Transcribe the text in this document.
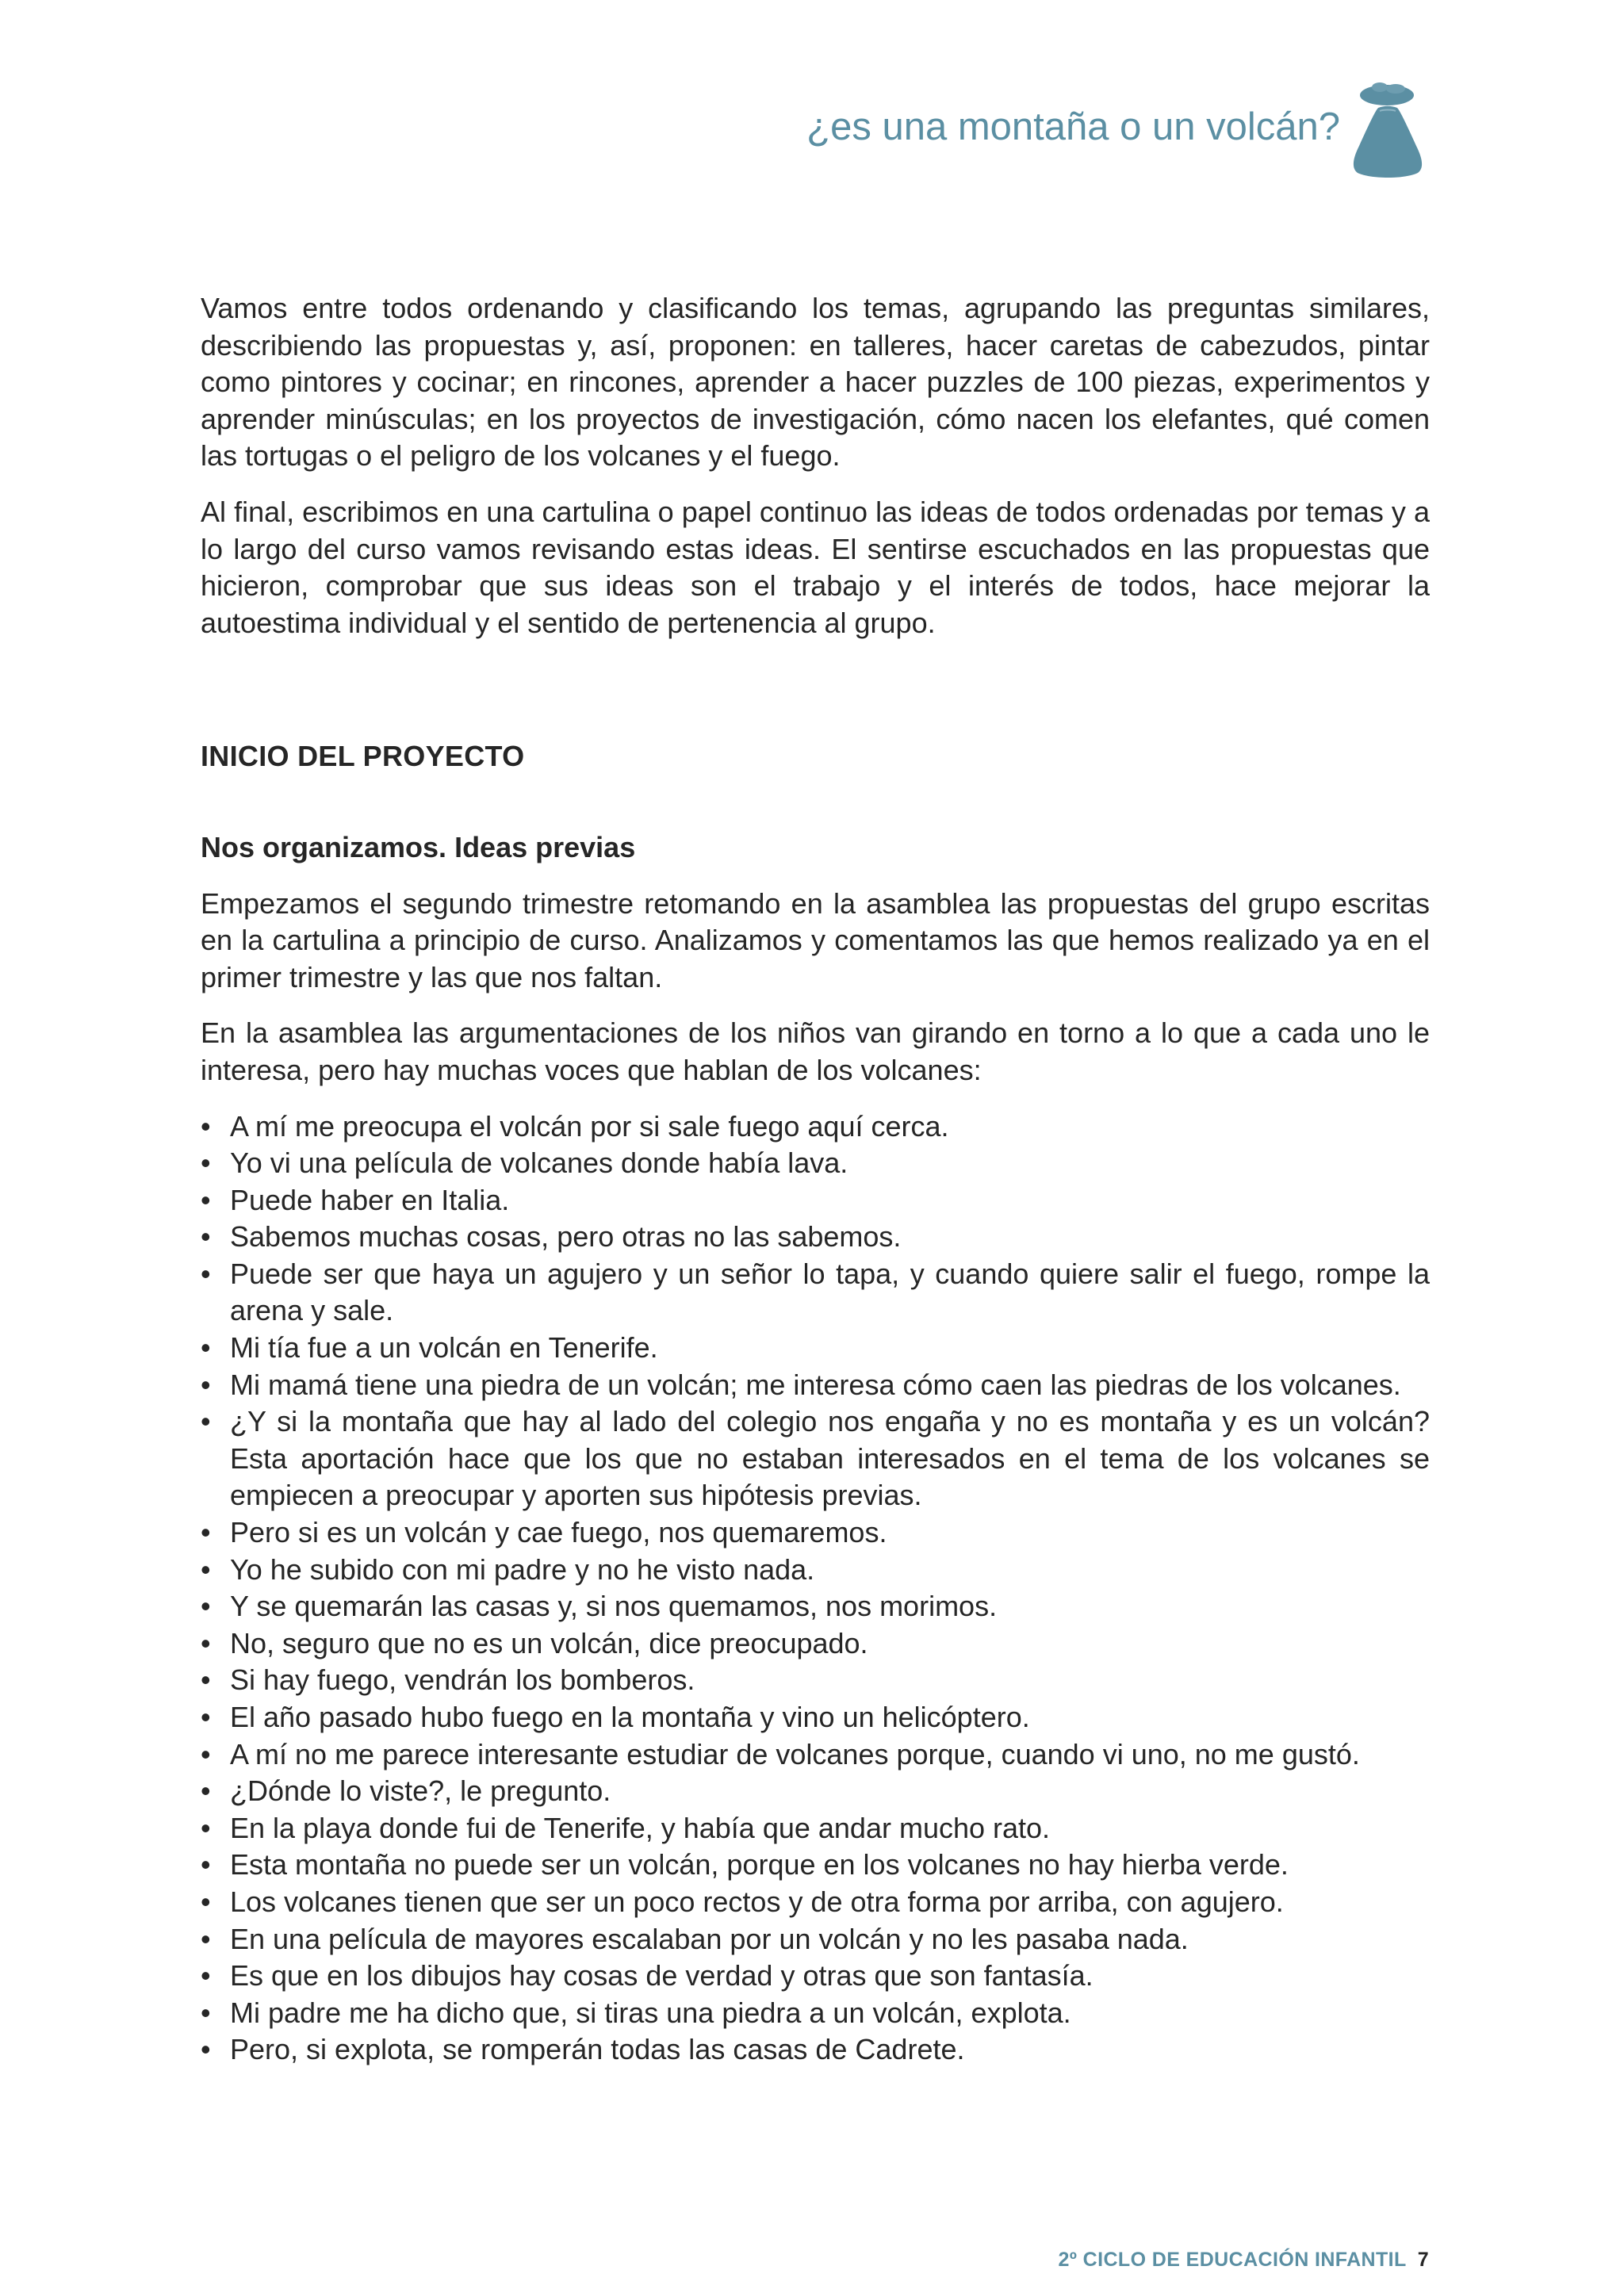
¿es una montaña o un volcán?

Vamos entre todos ordenando y clasificando los temas, agrupando las preguntas similares, describiendo las propuestas y, así, proponen: en talleres, hacer caretas de cabezudos, pintar como pintores y cocinar; en rincones, aprender a hacer puzzles de 100 piezas, experimentos y aprender minúsculas; en los proyectos de investigación, cómo nacen los elefantes, qué comen las tortugas o el peligro de los volcanes y el fuego.

Al final, escribimos en una cartulina o papel continuo las ideas de todos ordenadas por temas y a lo largo del curso vamos revisando estas ideas. El sentirse escuchados en las propuestas que hicieron, comprobar que sus ideas son el trabajo y el interés de todos, hace mejorar la autoestima individual y el sentido de pertenencia al grupo.

INICIO DEL PROYECTO

Nos organizamos. Ideas previas

Empezamos el segundo trimestre retomando en la asamblea las propuestas del grupo escritas en la cartulina a principio de curso. Analizamos y comentamos las que hemos realizado ya en el primer trimestre y las que nos faltan.

En la asamblea las argumentaciones de los niños van girando en torno a lo que a cada uno le interesa, pero hay muchas voces que hablan de los volcanes:

• A mí me preocupa el volcán por si sale fuego aquí cerca.
• Yo vi una película de volcanes donde había lava.
• Puede haber en Italia.
• Sabemos muchas cosas, pero otras no las sabemos.
• Puede ser que haya un agujero y un señor lo tapa, y cuando quiere salir el fuego, rompe la arena y sale.
• Mi tía fue a un volcán en Tenerife.
• Mi mamá tiene una piedra de un volcán; me interesa cómo caen las piedras de los volcanes.
• ¿Y si la montaña que hay al lado del colegio nos engaña y no es montaña y es un volcán? Esta aportación hace que los que no estaban interesados en el tema de los volcanes se empiecen a preocupar y aporten sus hipótesis previas.
• Pero si es un volcán y cae fuego, nos quemaremos.
• Yo he subido con mi padre y no he visto nada.
• Y se quemarán las casas y, si nos quemamos, nos morimos.
• No, seguro que no es un volcán, dice preocupado.
• Si hay fuego, vendrán los bomberos.
• El año pasado hubo fuego en la montaña y vino un helicóptero.
• A mí no me parece interesante estudiar de volcanes porque, cuando vi uno, no me gustó.
• ¿Dónde lo viste?, le pregunto.
• En la playa donde fui de Tenerife, y había que andar mucho rato.
• Esta montaña no puede ser un volcán, porque en los volcanes no hay hierba verde.
• Los volcanes tienen que ser un poco rectos y de otra forma por arriba, con agujero.
• En una película de mayores escalaban por un volcán y no les pasaba nada.
• Es que en los dibujos hay cosas de verdad y otras que son fantasía.
• Mi padre me ha dicho que, si tiras una piedra a un volcán, explota.
• Pero, si explota, se romperán todas las casas de Cadrete.
2º CICLO DE EDUCACIÓN INFANTIL 7
